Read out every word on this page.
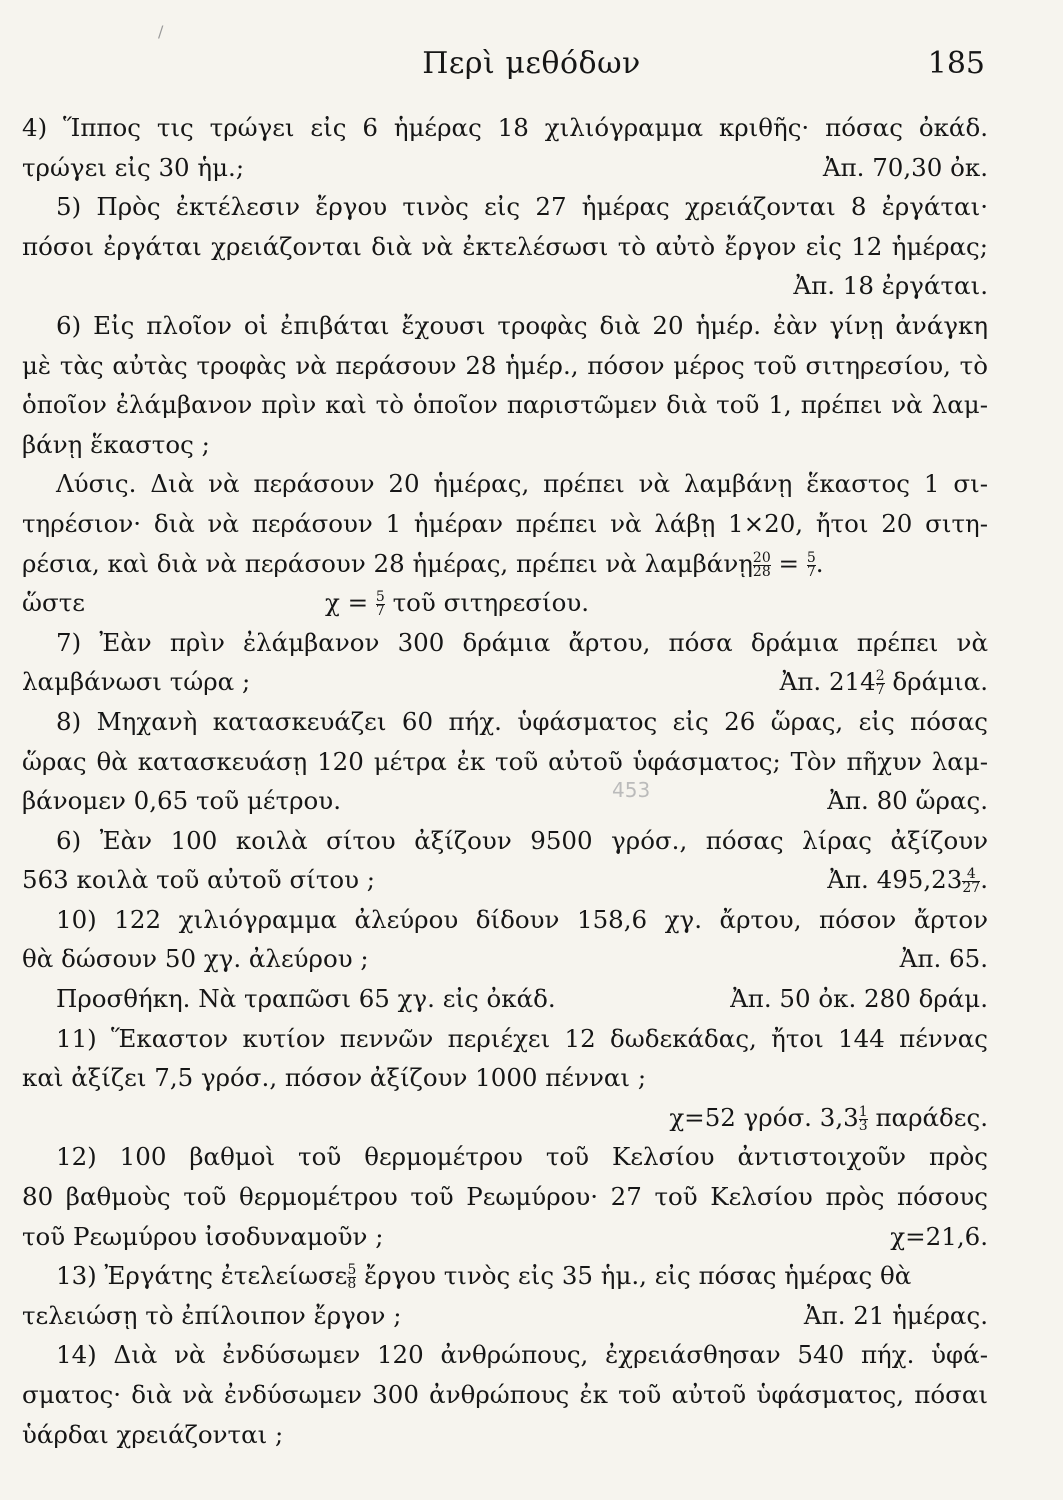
/
Περὶ μεθόδων	185
453
4) Ἵππος τις τρώγει εἰς 6 ἡμέρας 18 χιλιόγραμμα κριθῆς· πόσας ὀκάδ.
τρώγει εἰς 30 ἡμ.;	Ἀπ. 70,30 ὀκ.
5) Πρὸς ἐκτέλεσιν ἔργου τινὸς εἰς 27 ἡμέρας χρειάζονται 8 ἐργάται·
πόσοι ἐργάται χρειάζονται διὰ νὰ ἐκτελέσωσι τὸ αὐτὸ ἔργον εἰς 12 ἡμέρας;
Ἀπ. 18 ἐργάται.
6) Εἰς πλοῖον οἱ ἐπιβάται ἔχουσι τροφὰς διὰ 20 ἡμέρ. ἐὰν γίνῃ ἀνάγκη
μὲ τὰς αὐτὰς τροφὰς νὰ περάσουν 28 ἡμέρ., πόσον μέρος τοῦ σιτηρεσίου, τὸ
ὁποῖον ἐλάμβανον πρὶν καὶ τὸ ὁποῖον παριστῶμεν διὰ τοῦ 1, πρέπει νὰ λαμ-
βάνῃ ἕκαστος ;
Λύσις. Διὰ νὰ περάσουν 20 ἡμέρας, πρέπει νὰ λαμβάνῃ ἕκαστος 1 σι-
τηρέσιον· διὰ νὰ περάσουν 1 ἡμέραν πρέπει νὰ λάβῃ 1×20, ἤτοι 20 σιτη-
ρέσια, καὶ διὰ νὰ περάσουν 28 ἡμέρας, πρέπει νὰ λαμβάνῃ $\frac{20}{28} = \frac{5}{7}$ .
ὥστε	$\chi = \frac{5}{7}$ τοῦ σιτηρεσίου.
7) Ἐὰν πρὶν ἐλάμβανον 300 δράμια ἄρτου, πόσα δράμια πρέπει νὰ
λαμβάνωσι τώρα ;	Ἀπ. $214 \frac{2}{7} \delta\rho ά\mu\iota\alpha$.
8) Μηχανὴ κατασκευάζει 60 πήχ. ὑφάσματος εἰς 26 ὥρας, εἰς πόσας
ὥρας θὰ κατασκευάσῃ 120 μέτρα ἐκ τοῦ αὐτοῦ ὑφάσματος; Τὸν πῆχυν λαμ-
βάνομεν 0,65 τοῦ μέτρου.	Ἀπ. 80 ὥρας.
6) Ἐὰν 100 κοιλὰ σίτου ἀξίζουν 9500 γρόσ., πόσας λίρας ἀξίζουν
563 κοιλὰ τοῦ αὐτοῦ σίτου ;	Ἀπ. $495,23 \frac{4}{27}$ .
10) 122 χιλιόγραμμα ἀλεύρου δίδουν 158,6 χγ. ἄρτου, πόσον ἄρτον
θὰ δώσουν 50 χγ. ἀλεύρου ;	Ἀπ. 65.
Προσθήκη. Νὰ τραπῶσι 65 χγ. εἰς ὀκάδ.	Ἀπ. 50 ὀκ. 280 δράμ.
11) Ἕκαστον κυτίον πεννῶν περιέχει 12 δωδεκάδας, ἤτοι 144 πέννας
καὶ ἀξίζει 7,5 γρόσ., πόσον ἀξίζουν 1000 πένναι ;
χ=52 γρόσ. $3,3 \frac{1}{3} \pi\alpha\rho ά\delta\varepsilon\varsigma$.
12) 100 βαθμοὶ τοῦ θερμομέτρου τοῦ Κελσίου ἀντιστοιχοῦν πρὸς
80 βαθμοὺς τοῦ θερμομέτρου τοῦ Ρεωμύρου· 27 τοῦ Κελσίου πρὸς πόσους
τοῦ Ρεωμύρου ἰσοδυναμοῦν ;	χ=21,6.
13) Ἐργάτης ἐτελείωσε $\frac{5}{8}$ ἔργου τινὸς εἰς 35 ἡμ., εἰς πόσας ἡμέρας θὰ
τελειώσῃ τὸ ἐπίλοιπον ἔργον ;	Ἀπ. 21 ἡμέρας.
14) Διὰ νὰ ἐνδύσωμεν 120 ἀνθρώπους, ἐχρειάσθησαν 540 πήχ. ὑφά-
σματος· διὰ νὰ ἐνδύσωμεν 300 ἀνθρώπους ἐκ τοῦ αὐτοῦ ὑφάσματος, πόσαι
ὑάρδαι χρειάζονται ;
